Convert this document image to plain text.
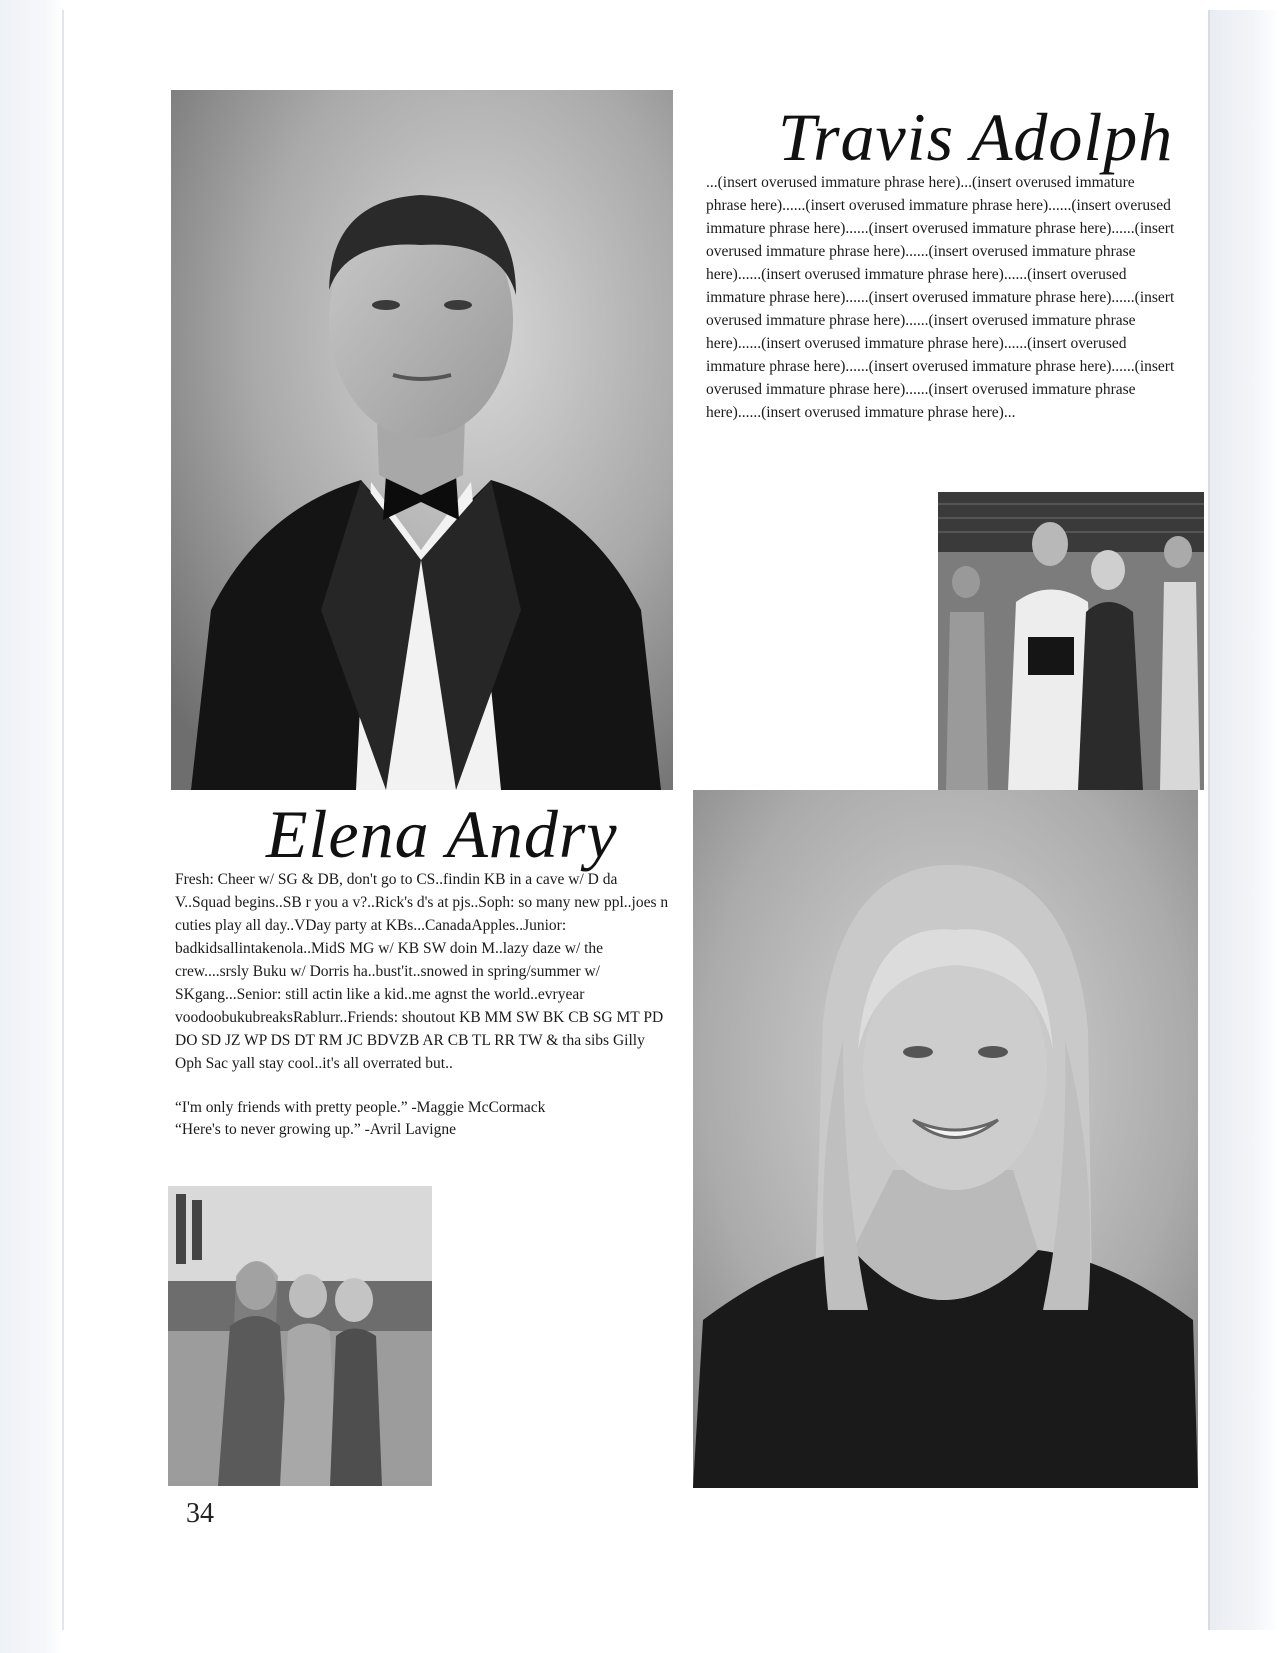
Travis Adolph
...(insert overused immature phrase here)...(insert overused immature phrase here)......(insert overused immature phrase here)......(insert overused immature phrase here)......(insert overused immature phrase here)......(insert overused immature phrase here)......(insert overused immature phrase here)......(insert overused immature phrase here)......(insert overused immature phrase here)......(insert overused immature phrase here)......(insert overused immature phrase here)......(insert overused immature phrase here)......(insert overused immature phrase here)......(insert overused immature phrase here)......(insert overused immature phrase here)......(insert overused immature phrase here)......(insert overused immature phrase here)......(insert overused immature phrase here)...
Elena Andry
Fresh: Cheer w/ SG & DB, don't go to CS..findin KB in a cave w/ D da V..Squad begins..SB r you a v?..Rick's d's at pjs..Soph: so many new ppl..joes n cuties play all day..VDay party at KBs...CanadaApples..Junior: badkidsallintakenola..MidS MG w/ KB SW doin M..lazy daze w/ the crew....srsly Buku w/ Dorris ha..bust'it..snowed in spring/summer w/ SKgang...Senior: still actin like a kid..me agnst the world..evryear voodoobukubreaksRablurr..Friends: shoutout KB MM SW BK CB SG MT PD DO SD JZ WP DS DT RM JC BDVZB AR CB TL RR TW & tha sibs Gilly Oph Sac yall stay cool..it's all overrated but..
“I'm only friends with pretty people.” -Maggie McCormack
“Here's to never growing up.” -Avril Lavigne
34
